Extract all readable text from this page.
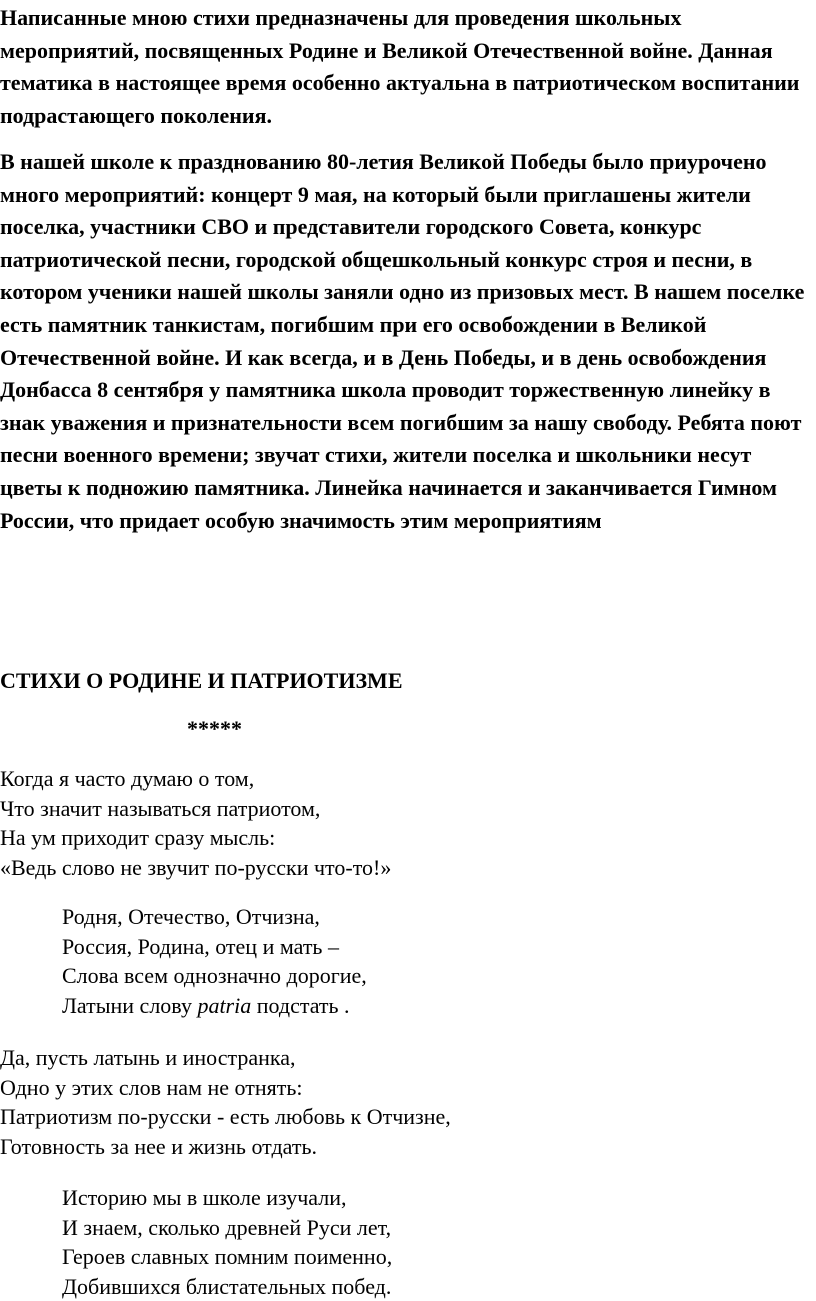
Написанные мною стихи предназначены для проведения школьных мероприятий, посвященных Родине и Великой Отечественной войне. Данная тематика в настоящее время особенно актуальна в патриотическом воспитании подрастающего поколения.

В нашей школе к празднованию 80-летия Великой Победы было приурочено много мероприятий: концерт 9 мая, на который были приглашены жители поселка, участники СВО и представители городского Совета, конкурс патриотической песни, городской общешкольный конкурс строя и песни, в котором ученики нашей школы заняли одно из призовых мест. В нашем поселке есть памятник танкистам, погибшим при его освобождении в Великой Отечественной войне. И как всегда, и в День Победы, и в день освобождения Донбасса 8 сентября у памятника школа проводит торжественную линейку в знак уважения и признательности всем погибшим за нашу свободу. Ребята поют песни военного времени; звучат стихи, жители поселка и школьники несут цветы к подножию памятника. Линейка начинается и заканчивается Гимном России, что придает особую значимость этим мероприятиям

СТИХИ О РОДИНЕ И ПАТРИОТИЗМЕ
*****
Когда я часто думаю о том,
Что значит называться патриотом,
На ум приходит сразу мысль:
«Ведь слово не звучит по-русски что-то!»
Родня, Отечество, Отчизна,
Россия, Родина, отец и мать –
Слова всем однозначно дорогие,
Латыни слову patria подстать .
Да, пусть латынь и иностранка,
Одно у этих слов нам не отнять:
Патриотизм по-русски - есть любовь к Отчизне,
Готовность за нее и жизнь отдать.
Историю мы в школе изучали,
И знаем, сколько древней Руси лет,
Героев славных помним поименно,
Добившихся блистательных побед.
